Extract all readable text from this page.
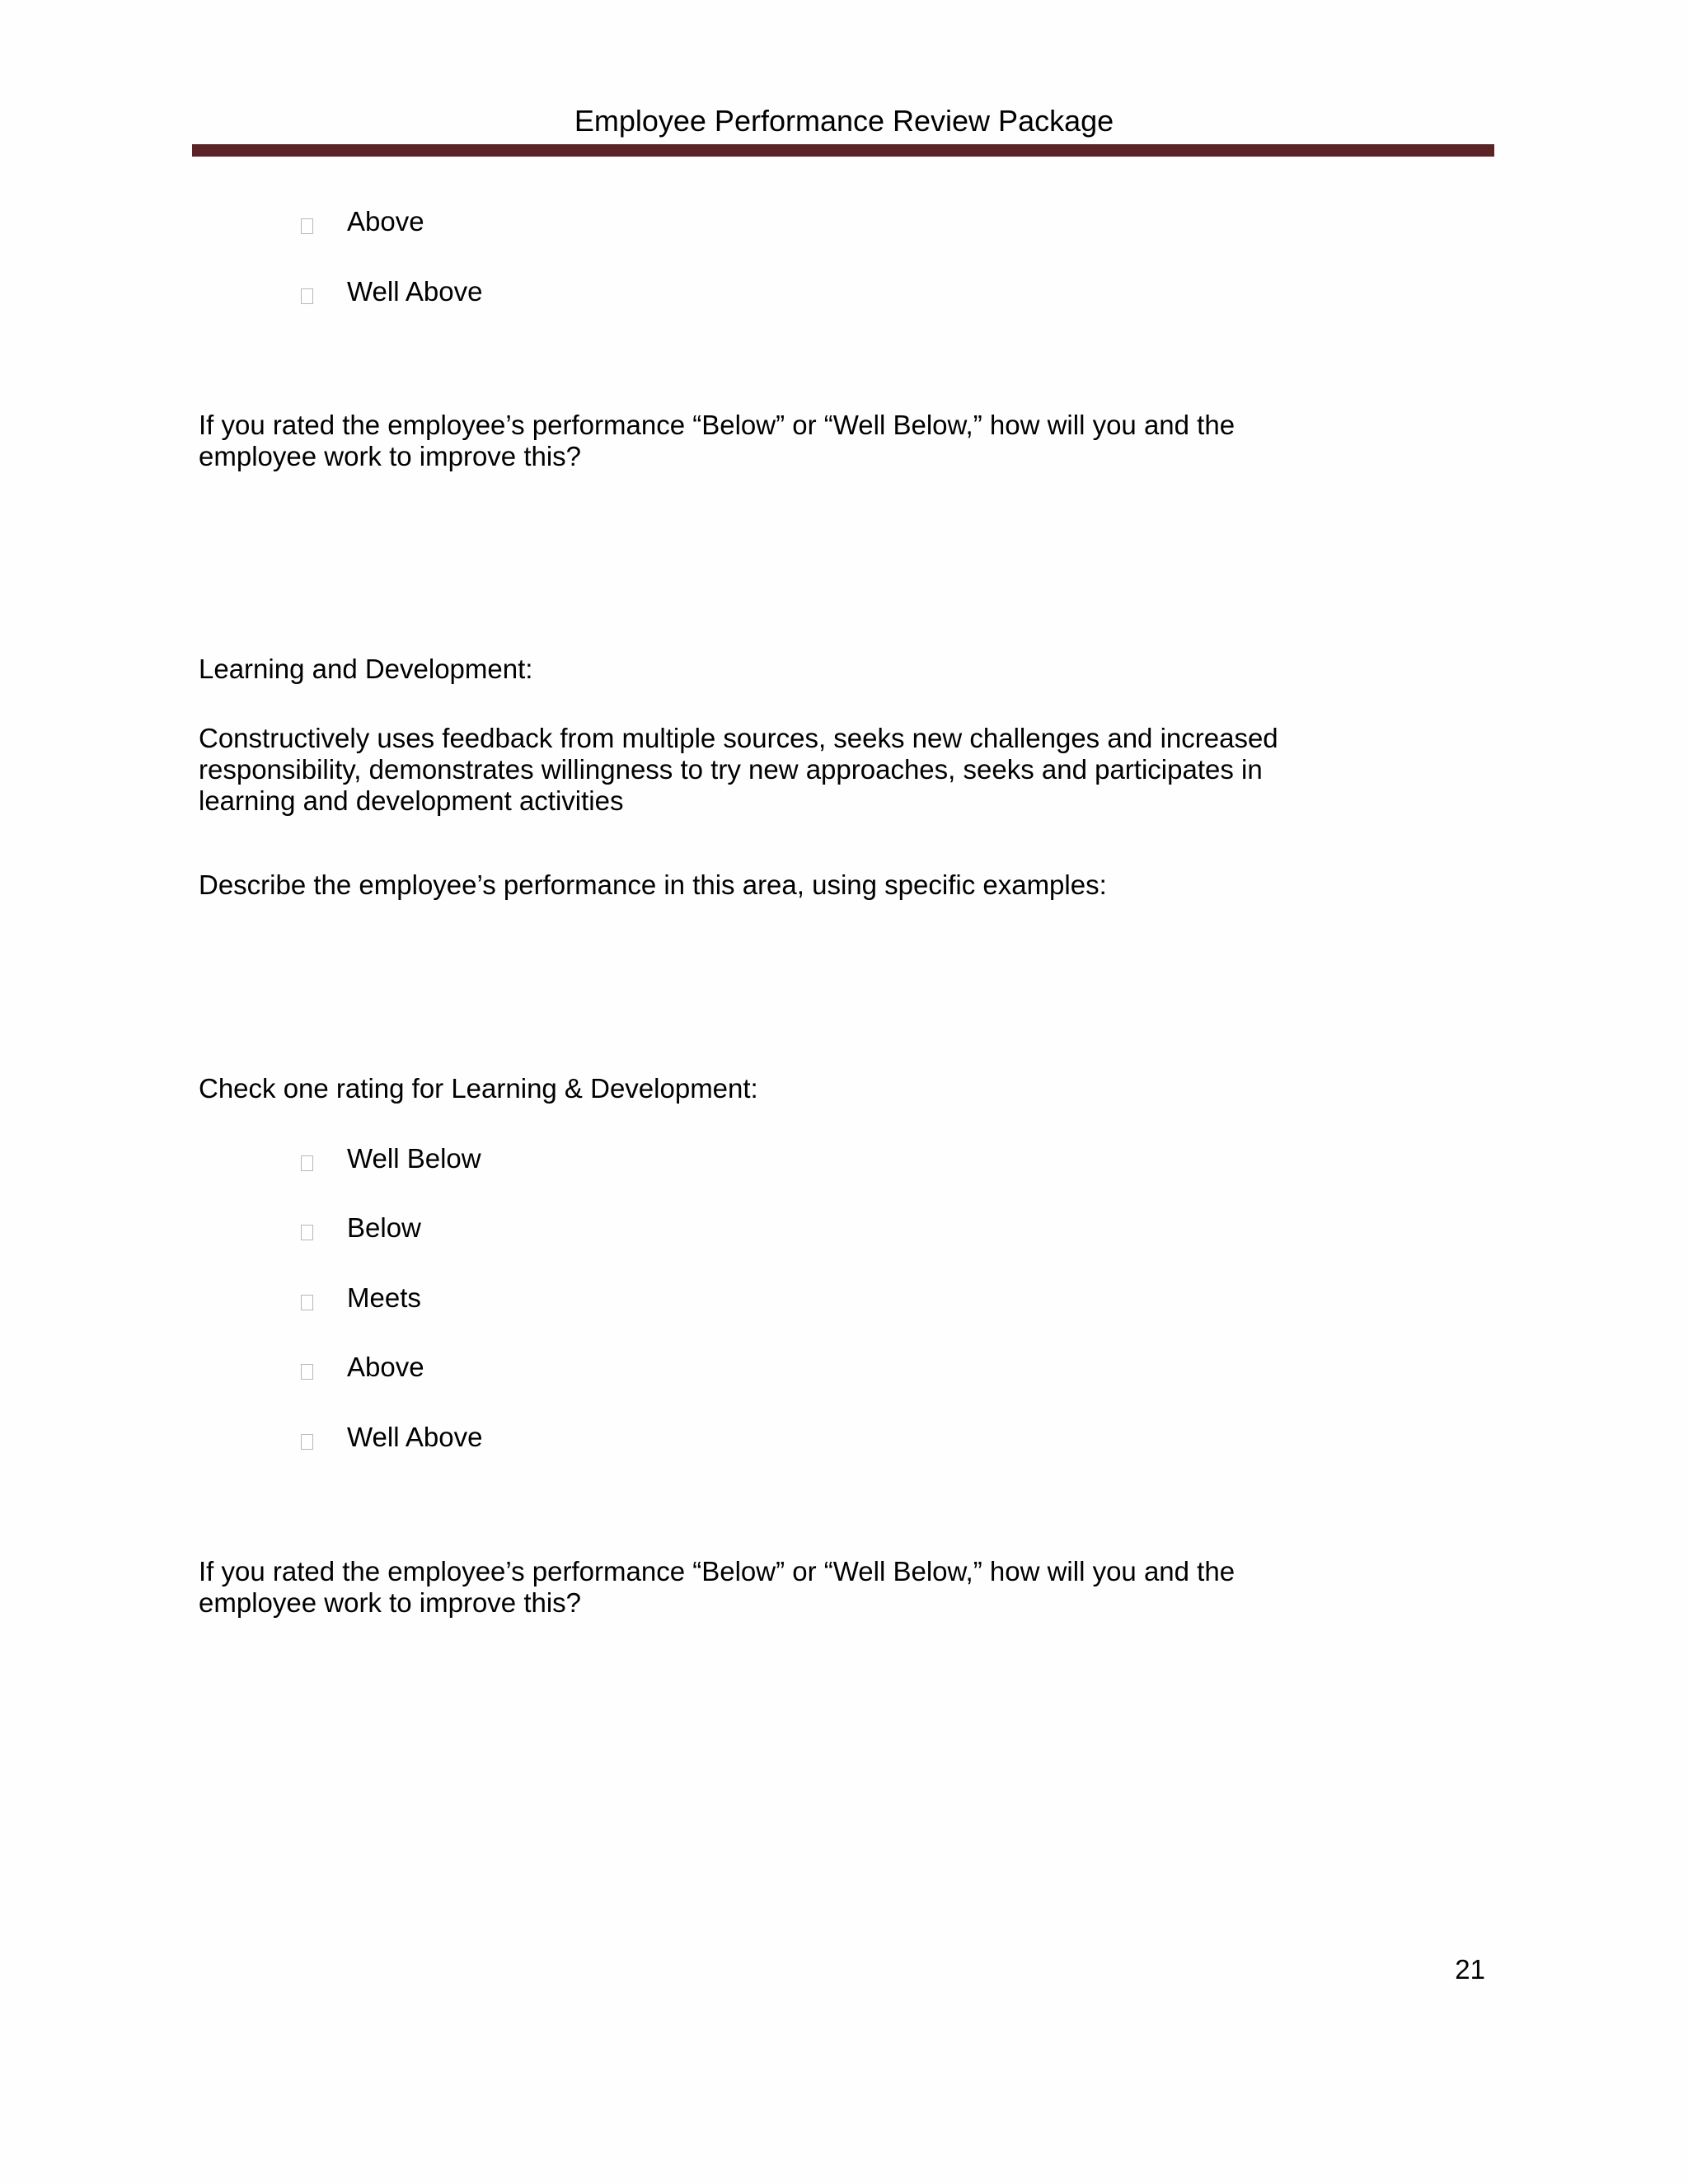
Employee Performance Review Package
Above
Well Above

If you rated the employee’s performance “Below” or “Well Below,” how will you and the employee work to improve this?

Learning and Development:

Constructively uses feedback from multiple sources, seeks new challenges and increased responsibility, demonstrates willingness to try new approaches, seeks and participates in learning and development activities

Describe the employee’s performance in this area, using specific examples:

Check one rating for Learning & Development:

Well Below
Below
Meets
Above
Well Above

If you rated the employee’s performance “Below” or “Well Below,” how will you and the employee work to improve this?

21
